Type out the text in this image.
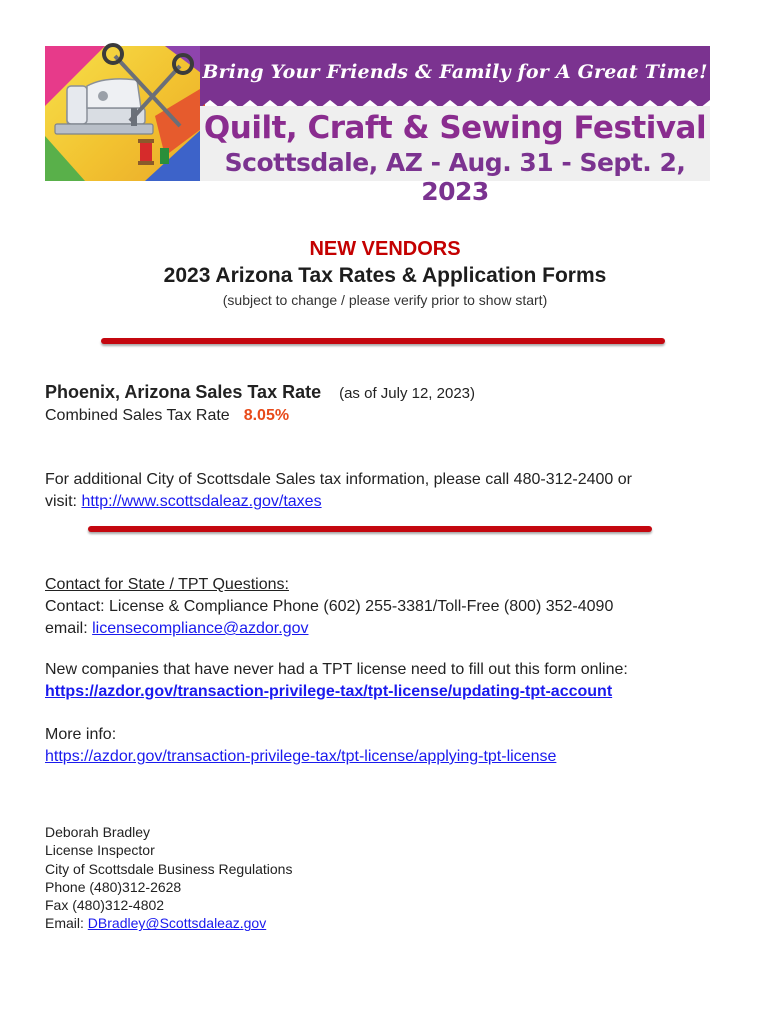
Bring Your Friends & Family for A Great Time!
Quilt, Craft & Sewing Festival
Scottsdale, AZ - Aug. 31 - Sept. 2, 2023
NEW VENDORS
2023 Arizona Tax Rates & Application Forms
(subject to change / please verify prior to show start)
Phoenix, Arizona Sales Tax Rate (as of July 12, 2023)
Combined Sales Tax Rate 8.05%
For additional City of Scottsdale Sales tax information, please call 480-312-2400 or
visit: http://www.scottsdaleaz.gov/taxes
Contact for State / TPT Questions:
Contact: License & Compliance Phone (602) 255-3381/Toll-Free (800) 352-4090
email: licensecompliance@azdor.gov
New companies that have never had a TPT license need to fill out this form online:
https://azdor.gov/transaction-privilege-tax/tpt-license/updating-tpt-account
More info:
https://azdor.gov/transaction-privilege-tax/tpt-license/applying-tpt-license
Deborah Bradley
License Inspector
City of Scottsdale Business Regulations
Phone (480)312-2628
Fax (480)312-4802
Email: DBradley@Scottsdaleaz.gov
